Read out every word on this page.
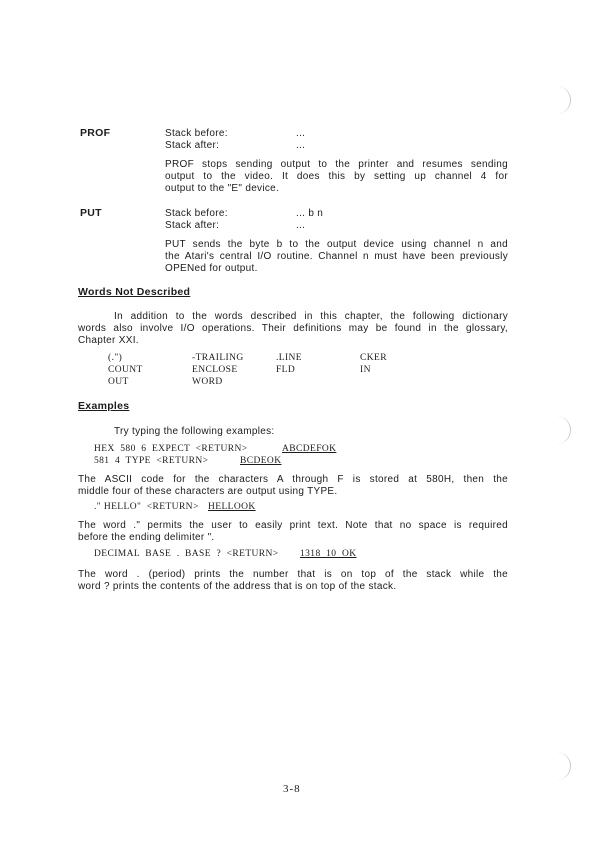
PROF	Stack before:	...
Stack after:	...
PROF stops sending output to the printer and resumes sending
output to the video. It does this by setting up channel 4 for
output to the "E" device.
PUT	Stack before:	... b n
Stack after:	...
PUT sends the byte b to the output device using channel n and
the Atari's central I/O routine. Channel n must have been previously
OPENed for output.
Words Not Described
In addition to the words described in this chapter, the following dictionary
words also involve I/O operations. Their definitions may be found in the glossary,
Chapter XXI.
(.")	-TRAILING	.LINE	CKER
COUNT	ENCLOSE	FLD	IN
OUT	WORD
Examples
Try typing the following examples:
HEX  580  6  EXPECT  <RETURN>	ABCDEFOK
581  4  TYPE  <RETURN>	BCDEOK
The ASCII code for the characters A through F is stored at 580H, then the
middle four of these characters are output using TYPE.
." HELLO"  <RETURN> HELLOOK
The word ." permits the user to easily print text. Note that no space is required
before the ending delimiter ".
DECIMAL  BASE  .  BASE  ?  <RETURN> 1318  10  OK
The word . (period) prints the number that is on top of the stack while the
word ? prints the contents of the address that is on top of the stack.
3-8
